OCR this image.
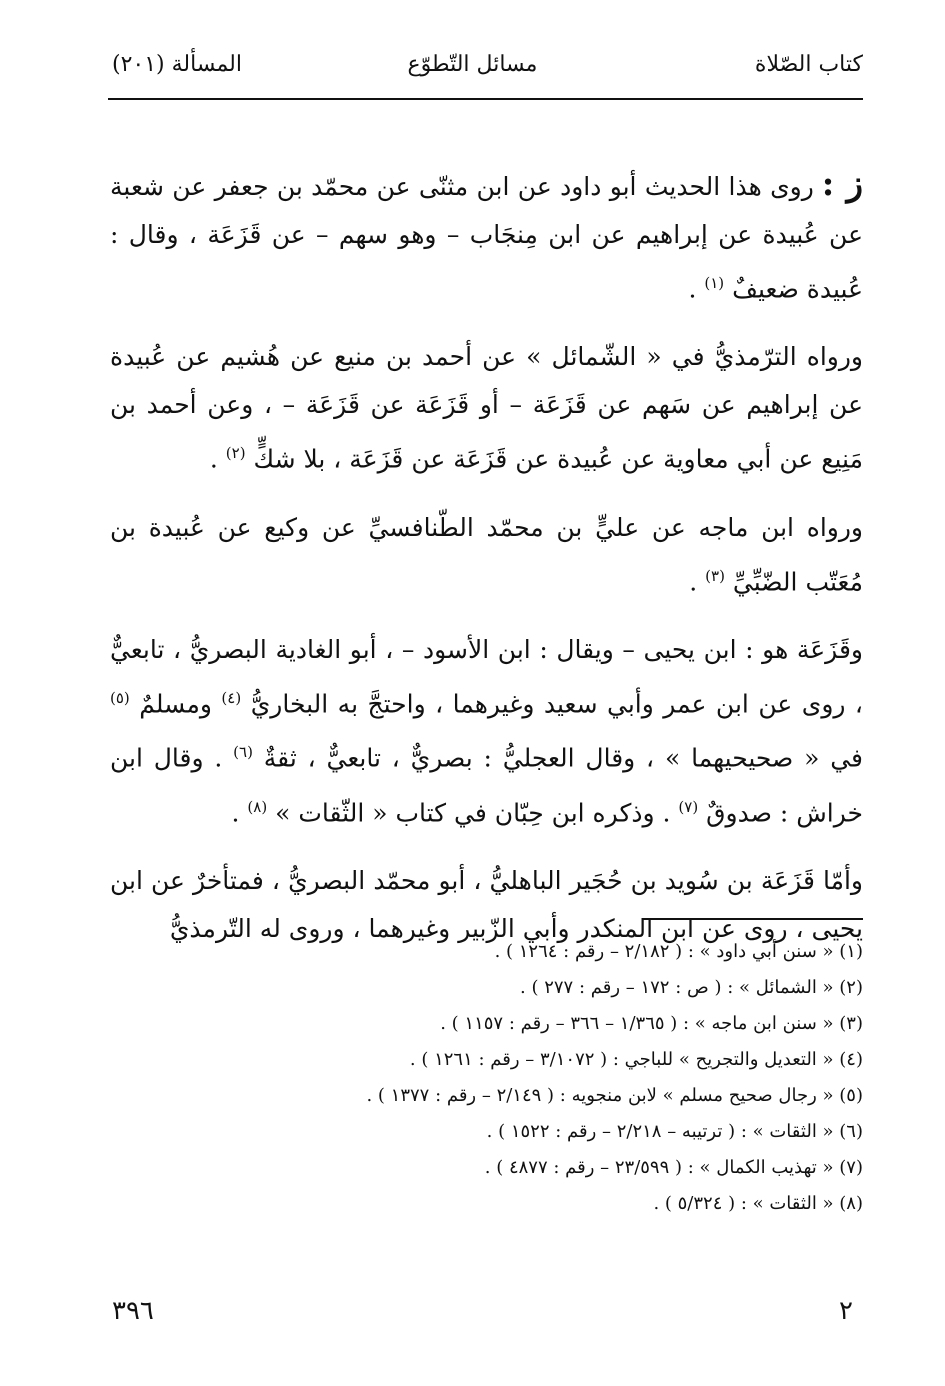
كتاب الصّلاة
مسائل التّطوّع
المسألة (٢٠١)

ز :روى هذا الحديث أبو داود عن ابن مثنّى عن محمّد بن جعفر عن شعبة عن عُبيدة عن إبراهيم عن ابن مِنجَاب – وهو سهم – عن قَزَعَة ، وقال : عُبيدة ضعيفٌ $^{(١)}$ .

ورواه الترّمذيُّ في « الشّمائل » عن أحمد بن منيع عن هُشيم عن عُبيدة عن إبراهيم عن سَهم عن قَزَعَة – أو قَزَعَة عن قَزَعَة – ، وعن أحمد بن مَنِيع عن أبي معاوية عن عُبيدة عن قَزَعَة عن قَزَعَة ، بلا شكٍّ $^{(٢)}$ .

ورواه ابن ماجه عن عليٍّ بن محمّد الطّنافسيِّ عن وكيع عن عُبيدة بن مُعَتّب الضّبِّيِّ $^{(٣)}$ .

وقَزَعَة هو : ابن يحيى – ويقال : ابن الأسود – ، أبو الغادية البصريُّ ، تابعيٌّ ، روى عن ابن عمر وأبي سعيد وغيرهما ، واحتجَّ به البخاريُّ $^{(٤)}$ ومسلمٌ $^{(٥)}$ في « صحيحيهما » ، وقال العجليُّ : بصريٌّ ، تابعيٌّ ، ثقةٌ $^{(٦)}$ . وقال ابن خراش : صدوقٌ $^{(٧)}$ . وذكره ابن حِبّان في كتاب « الثّقات » $^{(٨)}$ .

وأمّا قَزَعَة بن سُويد بن حُجَير الباهليُّ ، أبو محمّد البصريُّ ، فمتأخرٌ عن ابن يحيى ، روى عن ابن المنكدر وأبي الزّبير وغيرهما ، وروى له التّرمذيُّ

(١) « سنن أبي داود » : ( ٢/١٨٢ – رقم : ١٢٦٤ ) .
(٢) « الشمائل » : ( ص : ١٧٢ – رقم : ٢٧٧ ) .
(٣) « سنن ابن ماجه » : ( ١/٣٦٥ – ٣٦٦ – رقم : ١١٥٧ ) .
(٤) « التعديل والتجريح » للباجي : ( ٣/١٠٧٢ – رقم : ١٢٦١ ) .
(٥) « رجال صحيح مسلم » لابن منجويه : ( ٢/١٤٩ – رقم : ١٣٧٧ ) .
(٦) « الثقات » : ( ترتيبه – ٢/٢١٨ – رقم : ١٥٢٢ ) .
(٧) « تهذيب الكمال » : ( ٢٣/٥٩٩ – رقم : ٤٨٧٧ ) .
(٨) « الثقات » : ( ٥/٣٢٤ ) .
٢
٣٩٦
